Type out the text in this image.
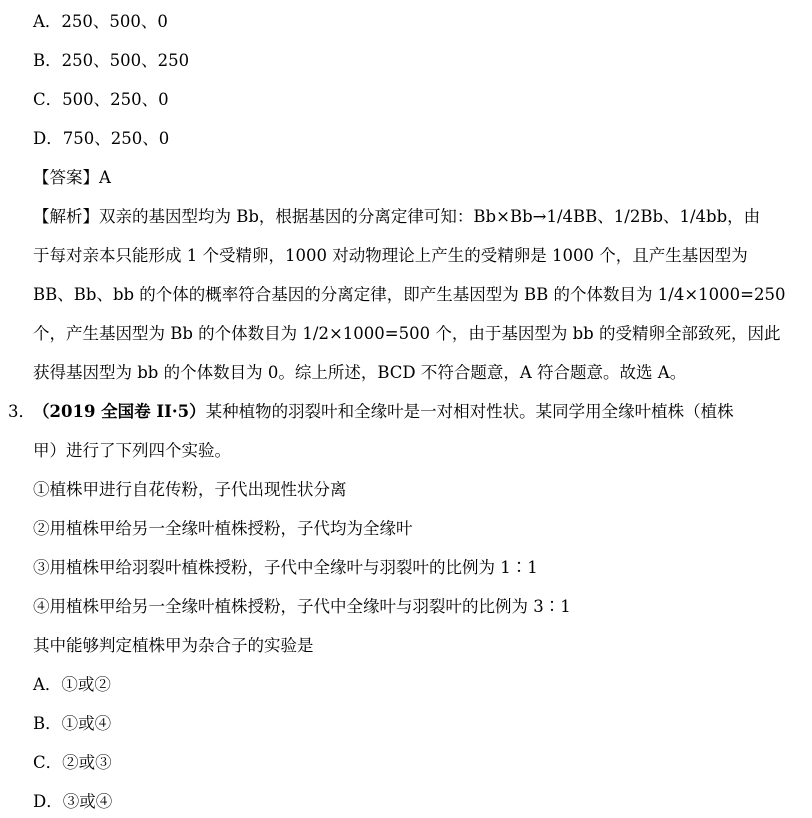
A．250、500、0
B．250、500、250
C．500、250、0
D．750、250、0
【答案】A
【解析】双亲的基因型均为 Bb，根据基因的分离定律可知：Bb×Bb→1/4BB、1/2Bb、1/4bb，由
于每对亲本只能形成 1 个受精卵，1000 对动物理论上产生的受精卵是 1000 个，且产生基因型为
BB、Bb、bb 的个体的概率符合基因的分离定律，即产生基因型为 BB 的个体数目为 1/4×1000=250
个，产生基因型为 Bb 的个体数目为 1/2×1000=500 个，由于基因型为 bb 的受精卵全部致死，因此
获得基因型为 bb 的个体数目为 0。综上所述，BCD 不符合题意，A 符合题意。故选 A。
3．（2019 全国卷 II·5）某种植物的羽裂叶和全缘叶是一对相对性状。某同学用全缘叶植株（植株
甲）进行了下列四个实验。
①植株甲进行自花传粉，子代出现性状分离
②用植株甲给另一全缘叶植株授粉，子代均为全缘叶
③用植株甲给羽裂叶植株授粉，子代中全缘叶与羽裂叶的比例为 1∶1
④用植株甲给另一全缘叶植株授粉，子代中全缘叶与羽裂叶的比例为 3∶1
其中能够判定植株甲为杂合子的实验是
A．①或②
B．①或④
C．②或③
D．③或④
